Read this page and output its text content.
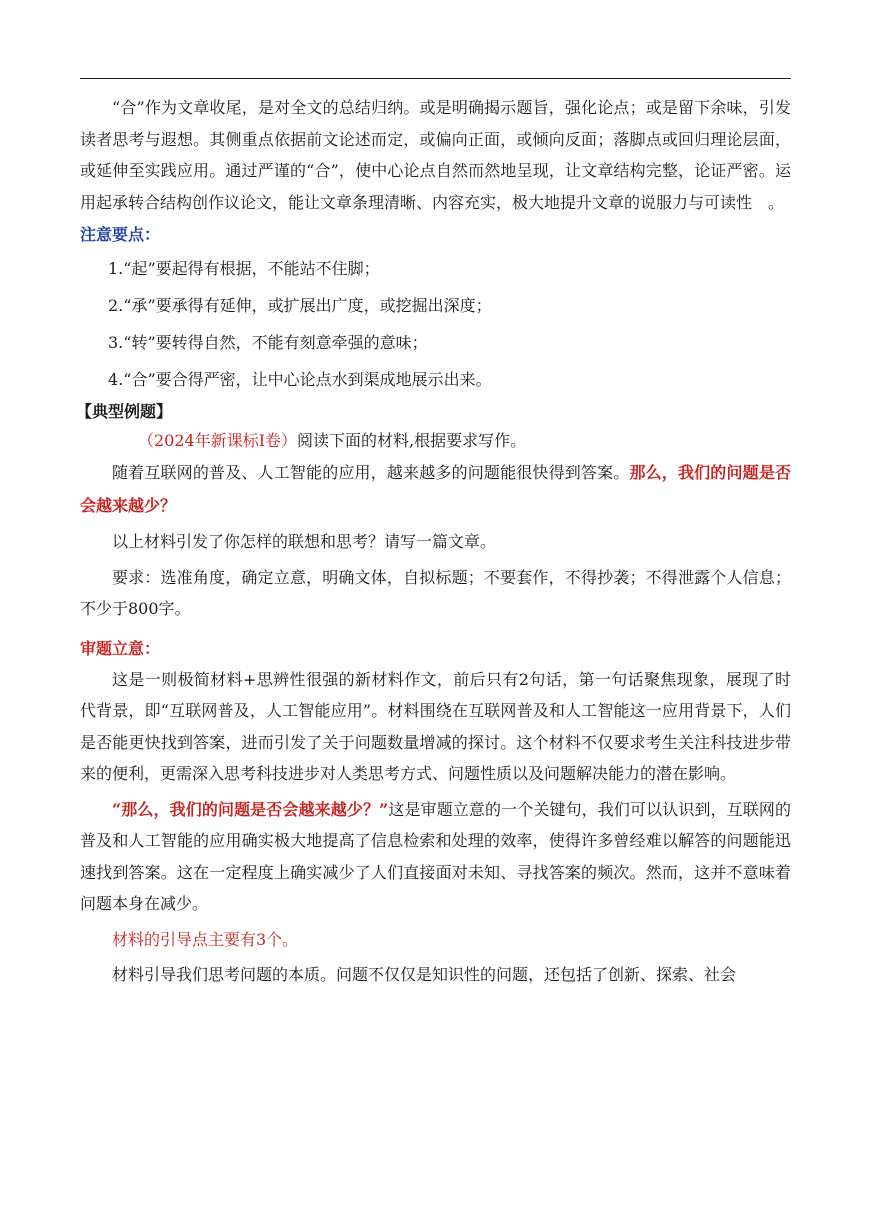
“合”作为文章收尾，是对全文的总结归纳。或是明确揭示题旨，强化论点；或是留下余味，引发读者思考与遐想。其侧重点依据前文论述而定，或偏向正面，或倾向反面；落脚点或回归理论层面，或延伸至实践应用。通过严谨的“合”，使中心论点自然而然地呈现，让文章结构完整，论证严密。运用起承转合结构创作议论文，能让文章条理清晰、内容充实，极大地提升文章的说服力与可读性　。

注意要点：
1.“起”要起得有根据，不能站不住脚；
2.“承”要承得有延伸，或扩展出广度，或挖掘出深度；
3.“转”要转得自然，不能有刻意牵强的意味；
4.“合”要合得严密，让中心论点水到渠成地展示出来。

【典型例题】

（2024年新课标Ⅰ卷）阅读下面的材料,根据要求写作。

随着互联网的普及、人工智能的应用，越来越多的问题能很快得到答案。那么，我们的问题是否会越来越少？

以上材料引发了你怎样的联想和思考？请写一篇文章。

要求：选准角度，确定立意，明确文体，自拟标题；不要套作，不得抄袭；不得泄露个人信息；不少于800字。

审题立意：

这是一则极简材料+思辨性很强的新材料作文，前后只有2句话，第一句话聚焦现象，展现了时代背景，即“互联网普及，人工智能应用”。材料围绕在互联网普及和人工智能这一应用背景下，人们是否能更快找到答案，进而引发了关于问题数量增减的探讨。这个材料不仅要求考生关注科技进步带来的便利，更需深入思考科技进步对人类思考方式、问题性质以及问题解决能力的潜在影响。

“那么，我们的问题是否会越来越少？”这是审题立意的一个关键句，我们可以认识到，互联网的普及和人工智能的应用确实极大地提高了信息检索和处理的效率，使得许多曾经难以解答的问题能迅速找到答案。这在一定程度上确实减少了人们直接面对未知、寻找答案的频次。然而，这并不意味着问题本身在减少。

材料的引导点主要有3个。

材料引导我们思考问题的本质。问题不仅仅是知识性的问题，还包括了创新、探索、社会
